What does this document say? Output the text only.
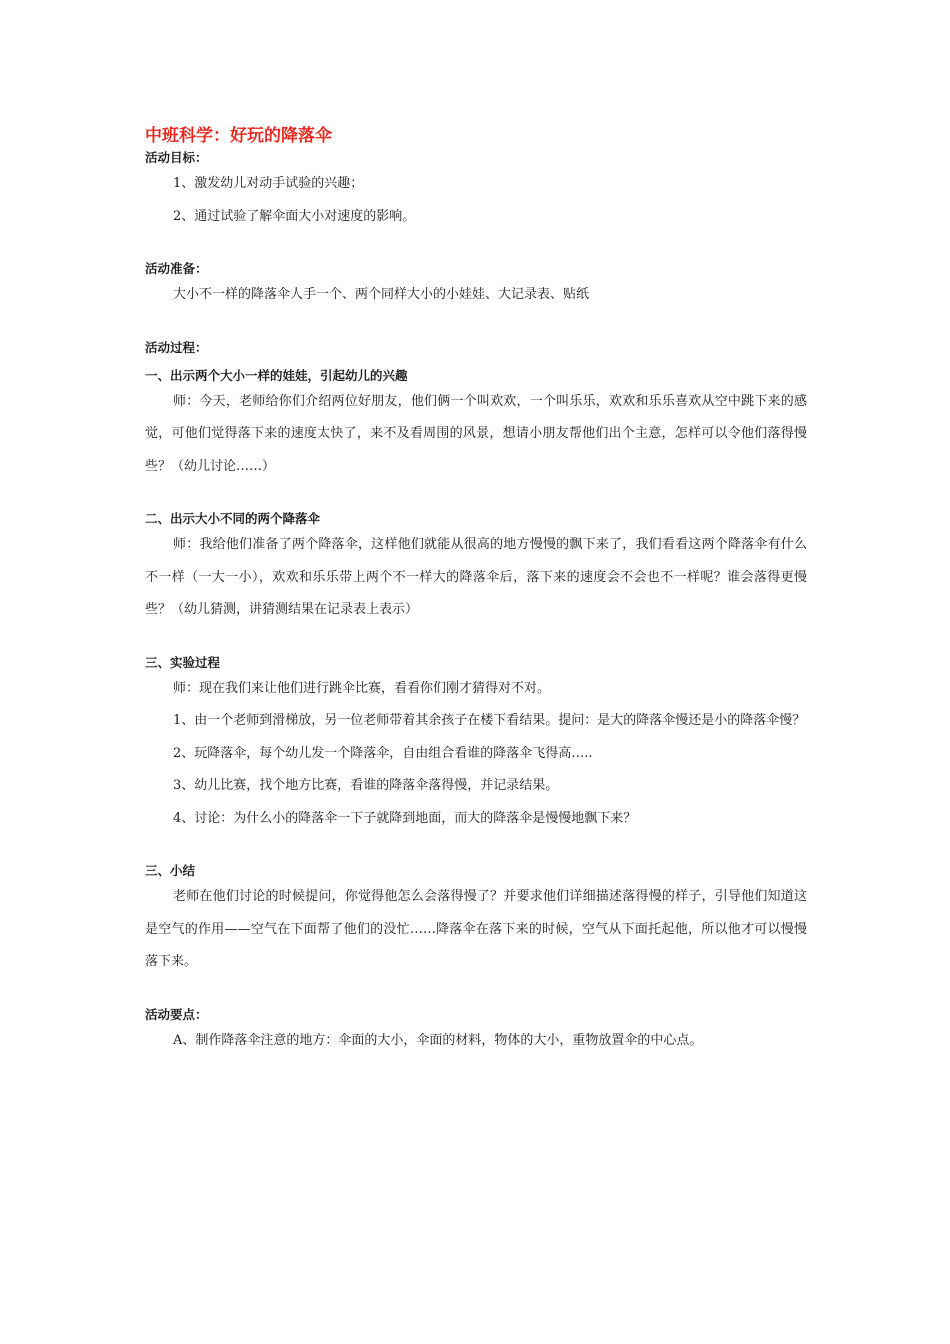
中班科学：好玩的降落伞
活动目标：

1、激发幼儿对动手试验的兴趣；

2、通过试验了解伞面大小对速度的影响。

活动准备：

大小不一样的降落伞人手一个、两个同样大小的小娃娃、大记录表、贴纸

活动过程：
一、出示两个大小一样的娃娃，引起幼儿的兴趣

师：今天，老师给你们介绍两位好朋友，他们俩一个叫欢欢，一个叫乐乐，欢欢和乐乐喜欢从空中跳下来的感觉，可他们觉得落下来的速度太快了，来不及看周围的风景，想请小朋友帮他们出个主意，怎样可以令他们落得慢些？（幼儿讨论……）

二、出示大小不同的两个降落伞

师：我给他们准备了两个降落伞，这样他们就能从很高的地方慢慢的飘下来了，我们看看这两个降落伞有什么不一样（一大一小），欢欢和乐乐带上两个不一样大的降落伞后，落下来的速度会不会也不一样呢？谁会落得更慢些？（幼儿猜测，讲猜测结果在记录表上表示）

三、实验过程

师：现在我们来让他们进行跳伞比赛，看看你们刚才猜得对不对。

1、由一个老师到滑梯放，另一位老师带着其余孩子在楼下看结果。提问：是大的降落伞慢还是小的降落伞慢？

2、玩降落伞，每个幼儿发一个降落伞，自由组合看谁的降落伞飞得高…..

3、幼儿比赛，找个地方比赛，看谁的降落伞落得慢，并记录结果。

4、讨论：为什么小的降落伞一下子就降到地面，而大的降落伞是慢慢地飘下来？

三、小结

老师在他们讨论的时候提问，你觉得他怎么会落得慢了？并要求他们详细描述落得慢的样子，引导他们知道这是空气的作用——空气在下面帮了他们的没忙……降落伞在落下来的时候，空气从下面托起他，所以他才可以慢慢落下来。

活动要点：

A、制作降落伞注意的地方：伞面的大小，伞面的材料，物体的大小，重物放置伞的中心点。
